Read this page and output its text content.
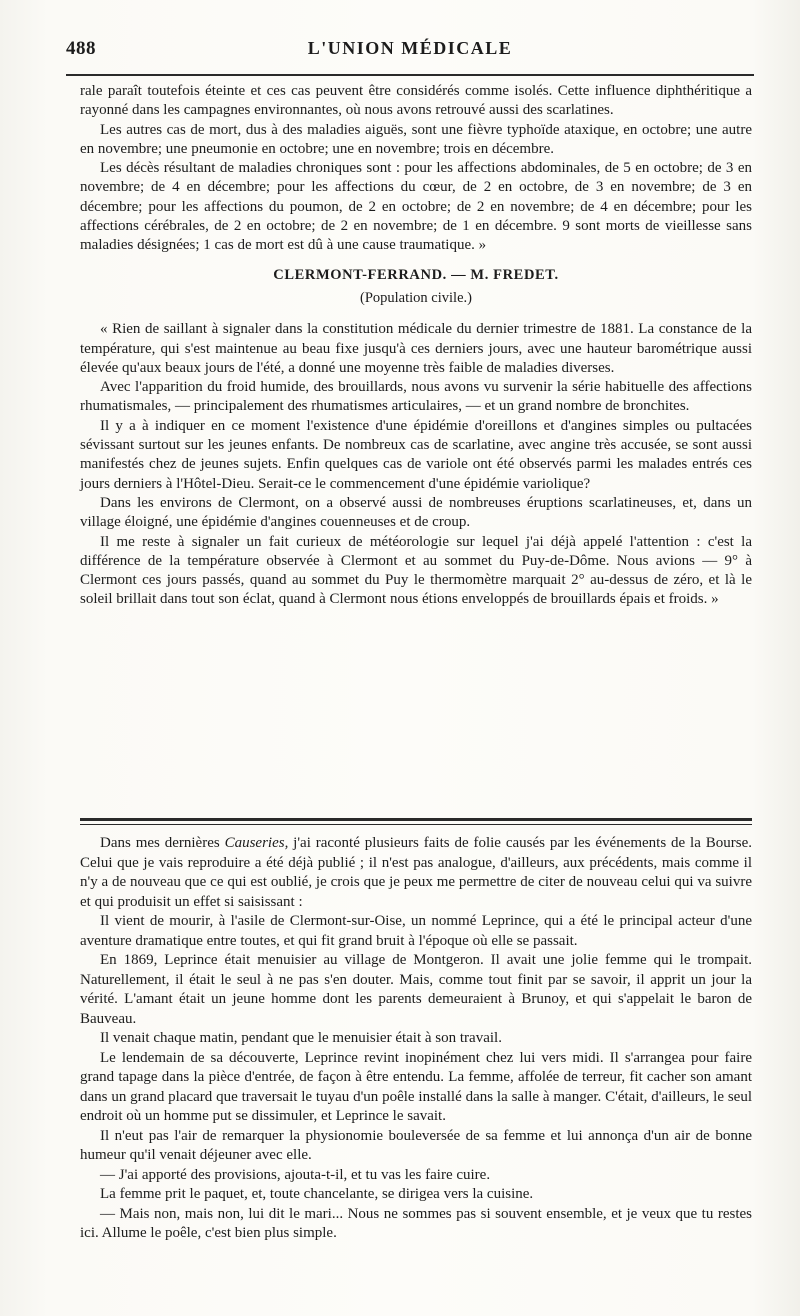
488	L'UNION MÉDICALE

rale paraît toutefois éteinte et ces cas peuvent être considérés comme isolés. Cette influence diphthéritique a rayonné dans les campagnes environnantes, où nous avons retrouvé aussi des scarlatines.

Les autres cas de mort, dus à des maladies aiguës, sont une fièvre typhoïde ataxique, en octobre; une autre en novembre; une pneumonie en octobre; une en novembre; trois en décembre.

Les décès résultant de maladies chroniques sont : pour les affections abdominales, de 5 en octobre; de 3 en novembre; de 4 en décembre; pour les affections du cœur, de 2 en octobre, de 3 en novembre; de 3 en décembre; pour les affections du poumon, de 2 en octobre; de 2 en novembre; de 4 en décembre; pour les affections cérébrales, de 2 en octobre; de 2 en novembre; de 1 en décembre. 9 sont morts de vieillesse sans maladies désignées; 1 cas de mort est dû à une cause traumatique. »

CLERMONT-FERRAND. — M. FREDET.
(Population civile.)

« Rien de saillant à signaler dans la constitution médicale du dernier trimestre de 1881. La constance de la température, qui s'est maintenue au beau fixe jusqu'à ces derniers jours, avec une hauteur barométrique aussi élevée qu'aux beaux jours de l'été, a donné une moyenne très faible de maladies diverses.

Avec l'apparition du froid humide, des brouillards, nous avons vu survenir la série habituelle des affections rhumatismales, — principalement des rhumatismes articulaires, — et un grand nombre de bronchites.

Il y a à indiquer en ce moment l'existence d'une épidémie d'oreillons et d'angines simples ou pultacées sévissant surtout sur les jeunes enfants. De nombreux cas de scarlatine, avec angine très accusée, se sont aussi manifestés chez de jeunes sujets. Enfin quelques cas de variole ont été observés parmi les malades entrés ces jours derniers à l'Hôtel-Dieu. Serait-ce le commencement d'une épidémie variolique?

Dans les environs de Clermont, on a observé aussi de nombreuses éruptions scarlatineuses, et, dans un village éloigné, une épidémie d'angines couenneuses et de croup.

Il me reste à signaler un fait curieux de météorologie sur lequel j'ai déjà appelé l'attention : c'est la différence de la température observée à Clermont et au sommet du Puy-de-Dôme. Nous avions — 9° à Clermont ces jours passés, quand au sommet du Puy le thermomètre marquait 2° au-dessus de zéro, et là le soleil brillait dans tout son éclat, quand à Clermont nous étions enveloppés de brouillards épais et froids. »

Dans mes dernières Causeries, j'ai raconté plusieurs faits de folie causés par les événements de la Bourse. Celui que je vais reproduire a été déjà publié ; il n'est pas analogue, d'ailleurs, aux précédents, mais comme il n'y a de nouveau que ce qui est oublié, je crois que je peux me permettre de citer de nouveau celui qui va suivre et qui produisit un effet si saisissant :

Il vient de mourir, à l'asile de Clermont-sur-Oise, un nommé Leprince, qui a été le principal acteur d'une aventure dramatique entre toutes, et qui fit grand bruit à l'époque où elle se passait.

En 1869, Leprince était menuisier au village de Montgeron. Il avait une jolie femme qui le trompait. Naturellement, il était le seul à ne pas s'en douter. Mais, comme tout finit par se savoir, il apprit un jour la vérité. L'amant était un jeune homme dont les parents demeuraient à Brunoy, et qui s'appelait le baron de Bauveau.

Il venait chaque matin, pendant que le menuisier était à son travail.

Le lendemain de sa découverte, Leprince revint inopinément chez lui vers midi. Il s'arrangea pour faire grand tapage dans la pièce d'entrée, de façon à être entendu. La femme, affolée de terreur, fit cacher son amant dans un grand placard que traversait le tuyau d'un poêle installé dans la salle à manger. C'était, d'ailleurs, le seul endroit où un homme put se dissimuler, et Leprince le savait.

Il n'eut pas l'air de remarquer la physionomie bouleversée de sa femme et lui annonça d'un air de bonne humeur qu'il venait déjeuner avec elle.

— J'ai apporté des provisions, ajouta-t-il, et tu vas les faire cuire.

La femme prit le paquet, et, toute chancelante, se dirigea vers la cuisine.

— Mais non, mais non, lui dit le mari... Nous ne sommes pas si souvent ensemble, et je veux que tu restes ici. Allume le poêle, c'est bien plus simple.
